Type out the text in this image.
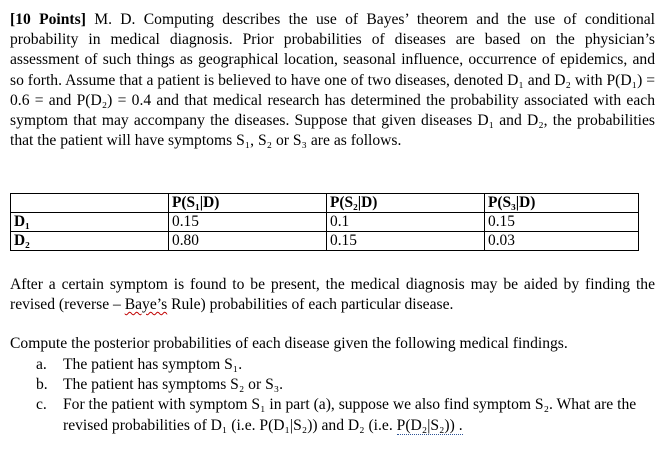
[10 Points] M. D. Computing describes the use of Bayes’ theorem and the use of conditional probability in medical diagnosis. Prior probabilities of diseases are based on the physician’s assessment of such things as geographical location, seasonal influence, occurrence of epidemics, and so forth. Assume that a patient is believed to have one of two diseases, denoted D₁ and D₂ with P(D₁) = 0.6 = and P(D₂) = 0.4 and that medical research has determined the probability associated with each symptom that may accompany the diseases. Suppose that given diseases D₁ and D₂, the probabilities that the patient will have symptoms S₁, S₂ or S₃ are as follows.

	P(S₁|D)	P(S₂|D)	P(S₃|D)
D₁	0.15	0.1	0.15
D₂	0.80	0.15	0.03

After a certain symptom is found to be present, the medical diagnosis may be aided by finding the revised (reverse – Baye’s Rule) probabilities of each particular disease.

Compute the posterior probabilities of each disease given the following medical findings.

a. The patient has symptom S₁.
b. The patient has symptoms S₂ or S₃.
c. For the patient with symptom S₁ in part (a), suppose we also find symptom S₂. What are the revised probabilities of D₁ (i.e. P(D₁|S₂)) and D₂ (i.e. P(D₂|S₂)) .
